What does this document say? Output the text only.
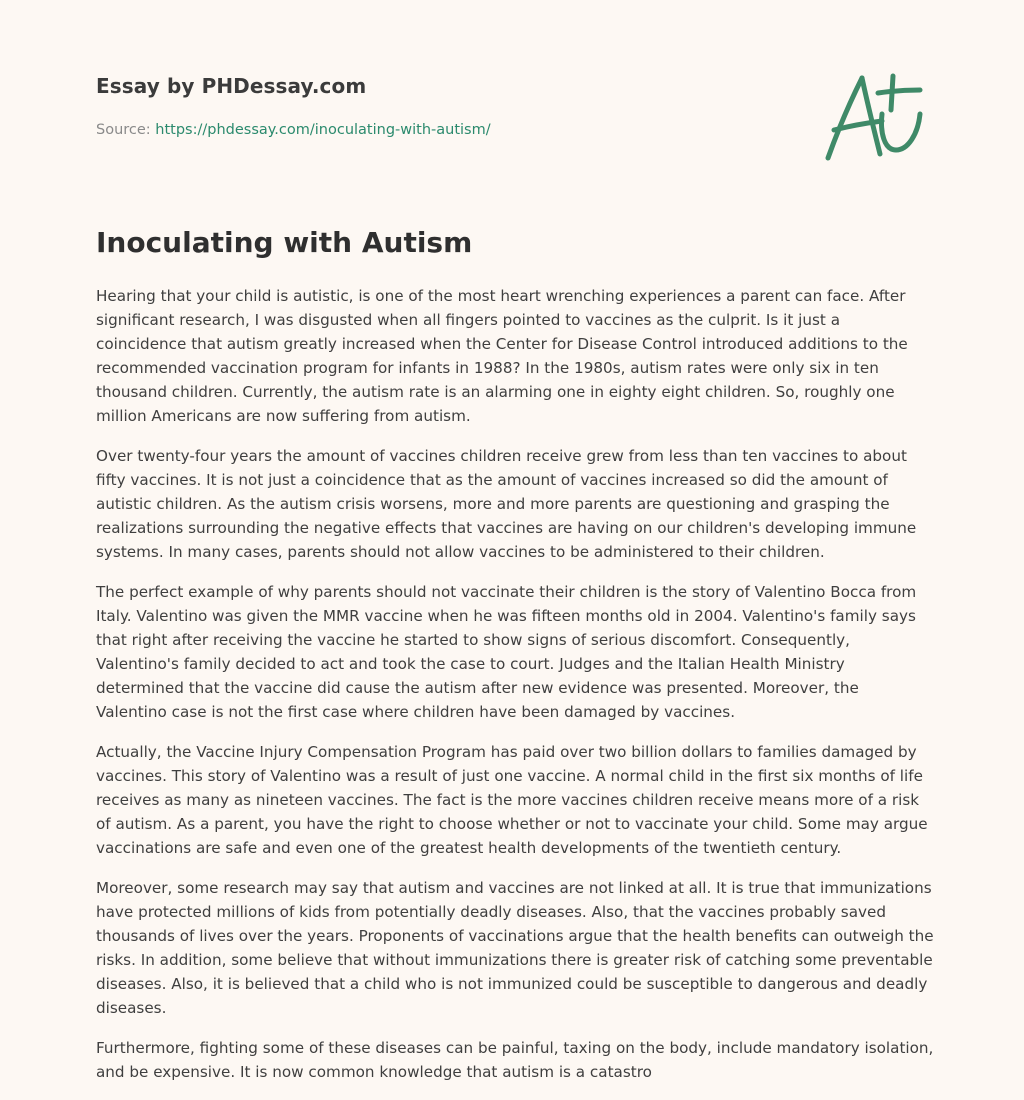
Essay by PHDessay.com
Source: https://phdessay.com/inoculating-with-autism/
Inoculating with Autism

Hearing that your child is autistic, is one of the most heart wrenching experiences a parent can face. After significant research, I was disgusted when all fingers pointed to vaccines as the culprit. Is it just a coincidence that autism greatly increased when the Center for Disease Control introduced additions to the recommended vaccination program for infants in 1988? In the 1980s, autism rates were only six in ten thousand children. Currently, the autism rate is an alarming one in eighty eight children. So, roughly one million Americans are now suffering from autism.

Over twenty-four years the amount of vaccines children receive grew from less than ten vaccines to about fifty vaccines. It is not just a coincidence that as the amount of vaccines increased so did the amount of autistic children. As the autism crisis worsens, more and more parents are questioning and grasping the realizations surrounding the negative effects that vaccines are having on our children's developing immune systems. In many cases, parents should not allow vaccines to be administered to their children.

The perfect example of why parents should not vaccinate their children is the story of Valentino Bocca from Italy. Valentino was given the MMR vaccine when he was fifteen months old in 2004. Valentino's family says that right after receiving the vaccine he started to show signs of serious discomfort. Consequently, Valentino's family decided to act and took the case to court. Judges and the Italian Health Ministry determined that the vaccine did cause the autism after new evidence was presented. Moreover, the Valentino case is not the first case where children have been damaged by vaccines.

Actually, the Vaccine Injury Compensation Program has paid over two billion dollars to families damaged by vaccines. This story of Valentino was a result of just one vaccine. A normal child in the first six months of life receives as many as nineteen vaccines. The fact is the more vaccines children receive means more of a risk of autism. As a parent, you have the right to choose whether or not to vaccinate your child. Some may argue vaccinations are safe and even one of the greatest health developments of the twentieth century.

Moreover, some research may say that autism and vaccines are not linked at all. It is true that immunizations have protected millions of kids from potentially deadly diseases. Also, that the vaccines probably saved thousands of lives over the years. Proponents of vaccinations argue that the health benefits can outweigh the risks. In addition, some believe that without immunizations there is greater risk of catching some preventable diseases. Also, it is believed that a child who is not immunized could be susceptible to dangerous and deadly diseases.

Furthermore, fighting some of these diseases can be painful, taxing on the body, include mandatory isolation, and be expensive. It is now common knowledge that autism is a catastro
